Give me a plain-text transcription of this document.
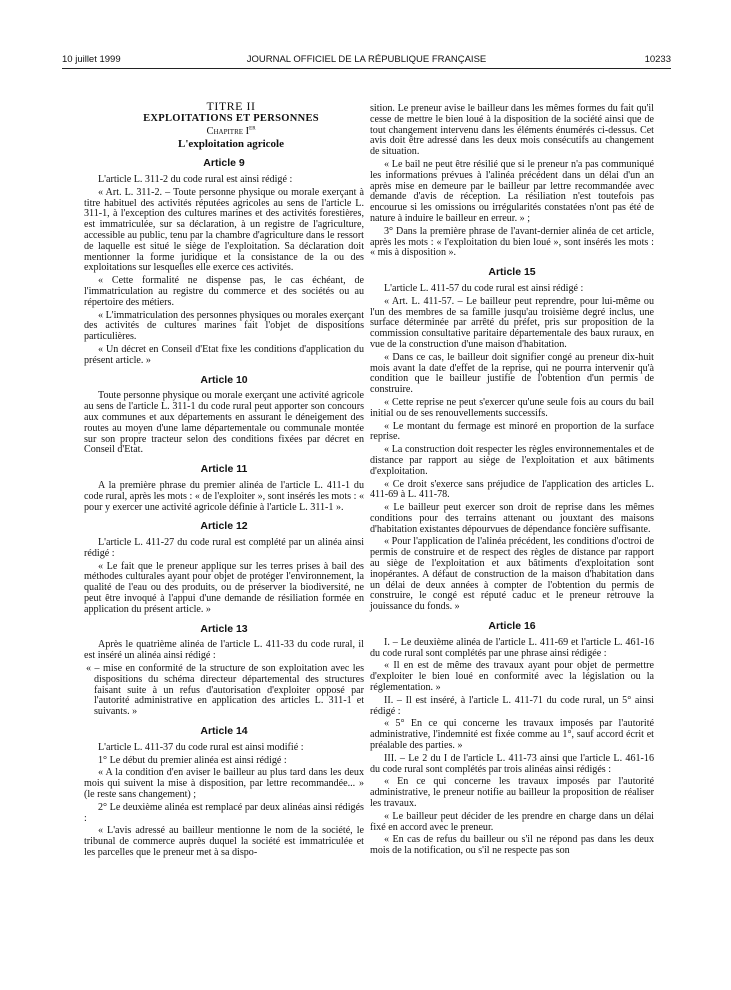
10 juillet 1999	JOURNAL OFFICIEL DE LA RÉPUBLIQUE FRANÇAISE	10233

TITRE II

EXPLOITATIONS ET PERSONNES

Chapitre Ier

L'exploitation agricole

Article 9

L'article L. 311-2 du code rural est ainsi rédigé :

« Art. L. 311-2. – Toute personne physique ou morale exerçant à titre habituel des activités réputées agricoles au sens de l'article L. 311-1, à l'exception des cultures marines et des activités forestières, est immatriculée, sur sa déclaration, à un registre de l'agriculture, accessible au public, tenu par la chambre d'agriculture dans le ressort de laquelle est situé le siège de l'exploitation. Sa déclaration doit mentionner la forme juridique et la consistance de la ou des exploitations sur lesquelles elle exerce ces activités.

« Cette formalité ne dispense pas, le cas échéant, de l'immatriculation au registre du commerce et des sociétés ou au répertoire des métiers.

« L'immatriculation des personnes physiques ou morales exerçant des activités de cultures marines fait l'objet de dispositions particulières.

« Un décret en Conseil d'Etat fixe les conditions d'application du présent article. »

Article 10

Toute personne physique ou morale exerçant une activité agricole au sens de l'article L. 311-1 du code rural peut apporter son concours aux communes et aux départements en assurant le déneigement des routes au moyen d'une lame départementale ou communale montée sur son propre tracteur selon des conditions fixées par décret en Conseil d'Etat.

Article 11

A la première phrase du premier alinéa de l'article L. 411-1 du code rural, après les mots : « de l'exploiter », sont insérés les mots : « pour y exercer une activité agricole définie à l'article L. 311-1 ».

Article 12

L'article L. 411-27 du code rural est complété par un alinéa ainsi rédigé :

« Le fait que le preneur applique sur les terres prises à bail des méthodes culturales ayant pour objet de protéger l'environnement, la qualité de l'eau ou des produits, ou de préserver la biodiversité, ne peut être invoqué à l'appui d'une demande de résiliation formée en application du présent article. »

Article 13

Après le quatrième alinéa de l'article L. 411-33 du code rural, il est inséré un alinéa ainsi rédigé :

« – mise en conformité de la structure de son exploitation avec les dispositions du schéma directeur départemental des structures faisant suite à un refus d'autorisation d'exploiter opposé par l'autorité administrative en application des articles L. 311-1 et suivants. »

Article 14

L'article L. 411-37 du code rural est ainsi modifié :

1° Le début du premier alinéa est ainsi rédigé :

« A la condition d'en aviser le bailleur au plus tard dans les deux mois qui suivent la mise à disposition, par lettre recommandée... » (le reste sans changement) ;

2° Le deuxième alinéa est remplacé par deux alinéas ainsi rédigés :

« L'avis adressé au bailleur mentionne le nom de la société, le tribunal de commerce auprès duquel la société est immatriculée et les parcelles que le preneur met à sa dispo-

sition. Le preneur avise le bailleur dans les mêmes formes du fait qu'il cesse de mettre le bien loué à la disposition de la société ainsi que de tout changement intervenu dans les éléments énumérés ci-dessus. Cet avis doit être adressé dans les deux mois consécutifs au changement de situation.

« Le bail ne peut être résilié que si le preneur n'a pas communiqué les informations prévues à l'alinéa précédent dans un délai d'un an après mise en demeure par le bailleur par lettre recommandée avec demande d'avis de réception. La résiliation n'est toutefois pas encourue si les omissions ou irrégularités constatées n'ont pas été de nature à induire le bailleur en erreur. » ;

3° Dans la première phrase de l'avant-dernier alinéa de cet article, après les mots : « l'exploitation du bien loué », sont insérés les mots : « mis à disposition ».

Article 15

L'article L. 411-57 du code rural est ainsi rédigé :

« Art. L. 411-57. – Le bailleur peut reprendre, pour lui-même ou l'un des membres de sa famille jusqu'au troisième degré inclus, une surface déterminée par arrêté du préfet, pris sur proposition de la commission consultative paritaire départementale des baux ruraux, en vue de la construction d'une maison d'habitation.

« Dans ce cas, le bailleur doit signifier congé au preneur dix-huit mois avant la date d'effet de la reprise, qui ne pourra intervenir qu'à condition que le bailleur justifie de l'obtention d'un permis de construire.

« Cette reprise ne peut s'exercer qu'une seule fois au cours du bail initial ou de ses renouvellements successifs.

« Le montant du fermage est minoré en proportion de la surface reprise.

« La construction doit respecter les règles environnementales et de distance par rapport au siège de l'exploitation et aux bâtiments d'exploitation.

« Ce droit s'exerce sans préjudice de l'application des articles L. 411-69 à L. 411-78.

« Le bailleur peut exercer son droit de reprise dans les mêmes conditions pour des terrains attenant ou jouxtant des maisons d'habitation existantes dépourvues de dépendance foncière suffisante.

« Pour l'application de l'alinéa précédent, les conditions d'octroi de permis de construire et de respect des règles de distance par rapport au siège de l'exploitation et aux bâtiments d'exploitation sont inopérantes. A défaut de construction de la maison d'habitation dans un délai de deux années à compter de l'obtention du permis de construire, le congé est réputé caduc et le preneur retrouve la jouissance du fonds. »

Article 16

I. – Le deuxième alinéa de l'article L. 411-69 et l'article L. 461-16 du code rural sont complétés par une phrase ainsi rédigée :

« Il en est de même des travaux ayant pour objet de permettre d'exploiter le bien loué en conformité avec la législation ou la réglementation. »

II. – Il est inséré, à l'article L. 411-71 du code rural, un 5° ainsi rédigé :

« 5° En ce qui concerne les travaux imposés par l'autorité administrative, l'indemnité est fixée comme au 1°, sauf accord écrit et préalable des parties. »

III. – Le 2 du I de l'article L. 411-73 ainsi que l'article L. 461-16 du code rural sont complétés par trois alinéas ainsi rédigés :

« En ce qui concerne les travaux imposés par l'autorité administrative, le preneur notifie au bailleur la proposition de réaliser les travaux.

« Le bailleur peut décider de les prendre en charge dans un délai fixé en accord avec le preneur.

« En cas de refus du bailleur ou s'il ne répond pas dans les deux mois de la notification, ou s'il ne respecte pas son
